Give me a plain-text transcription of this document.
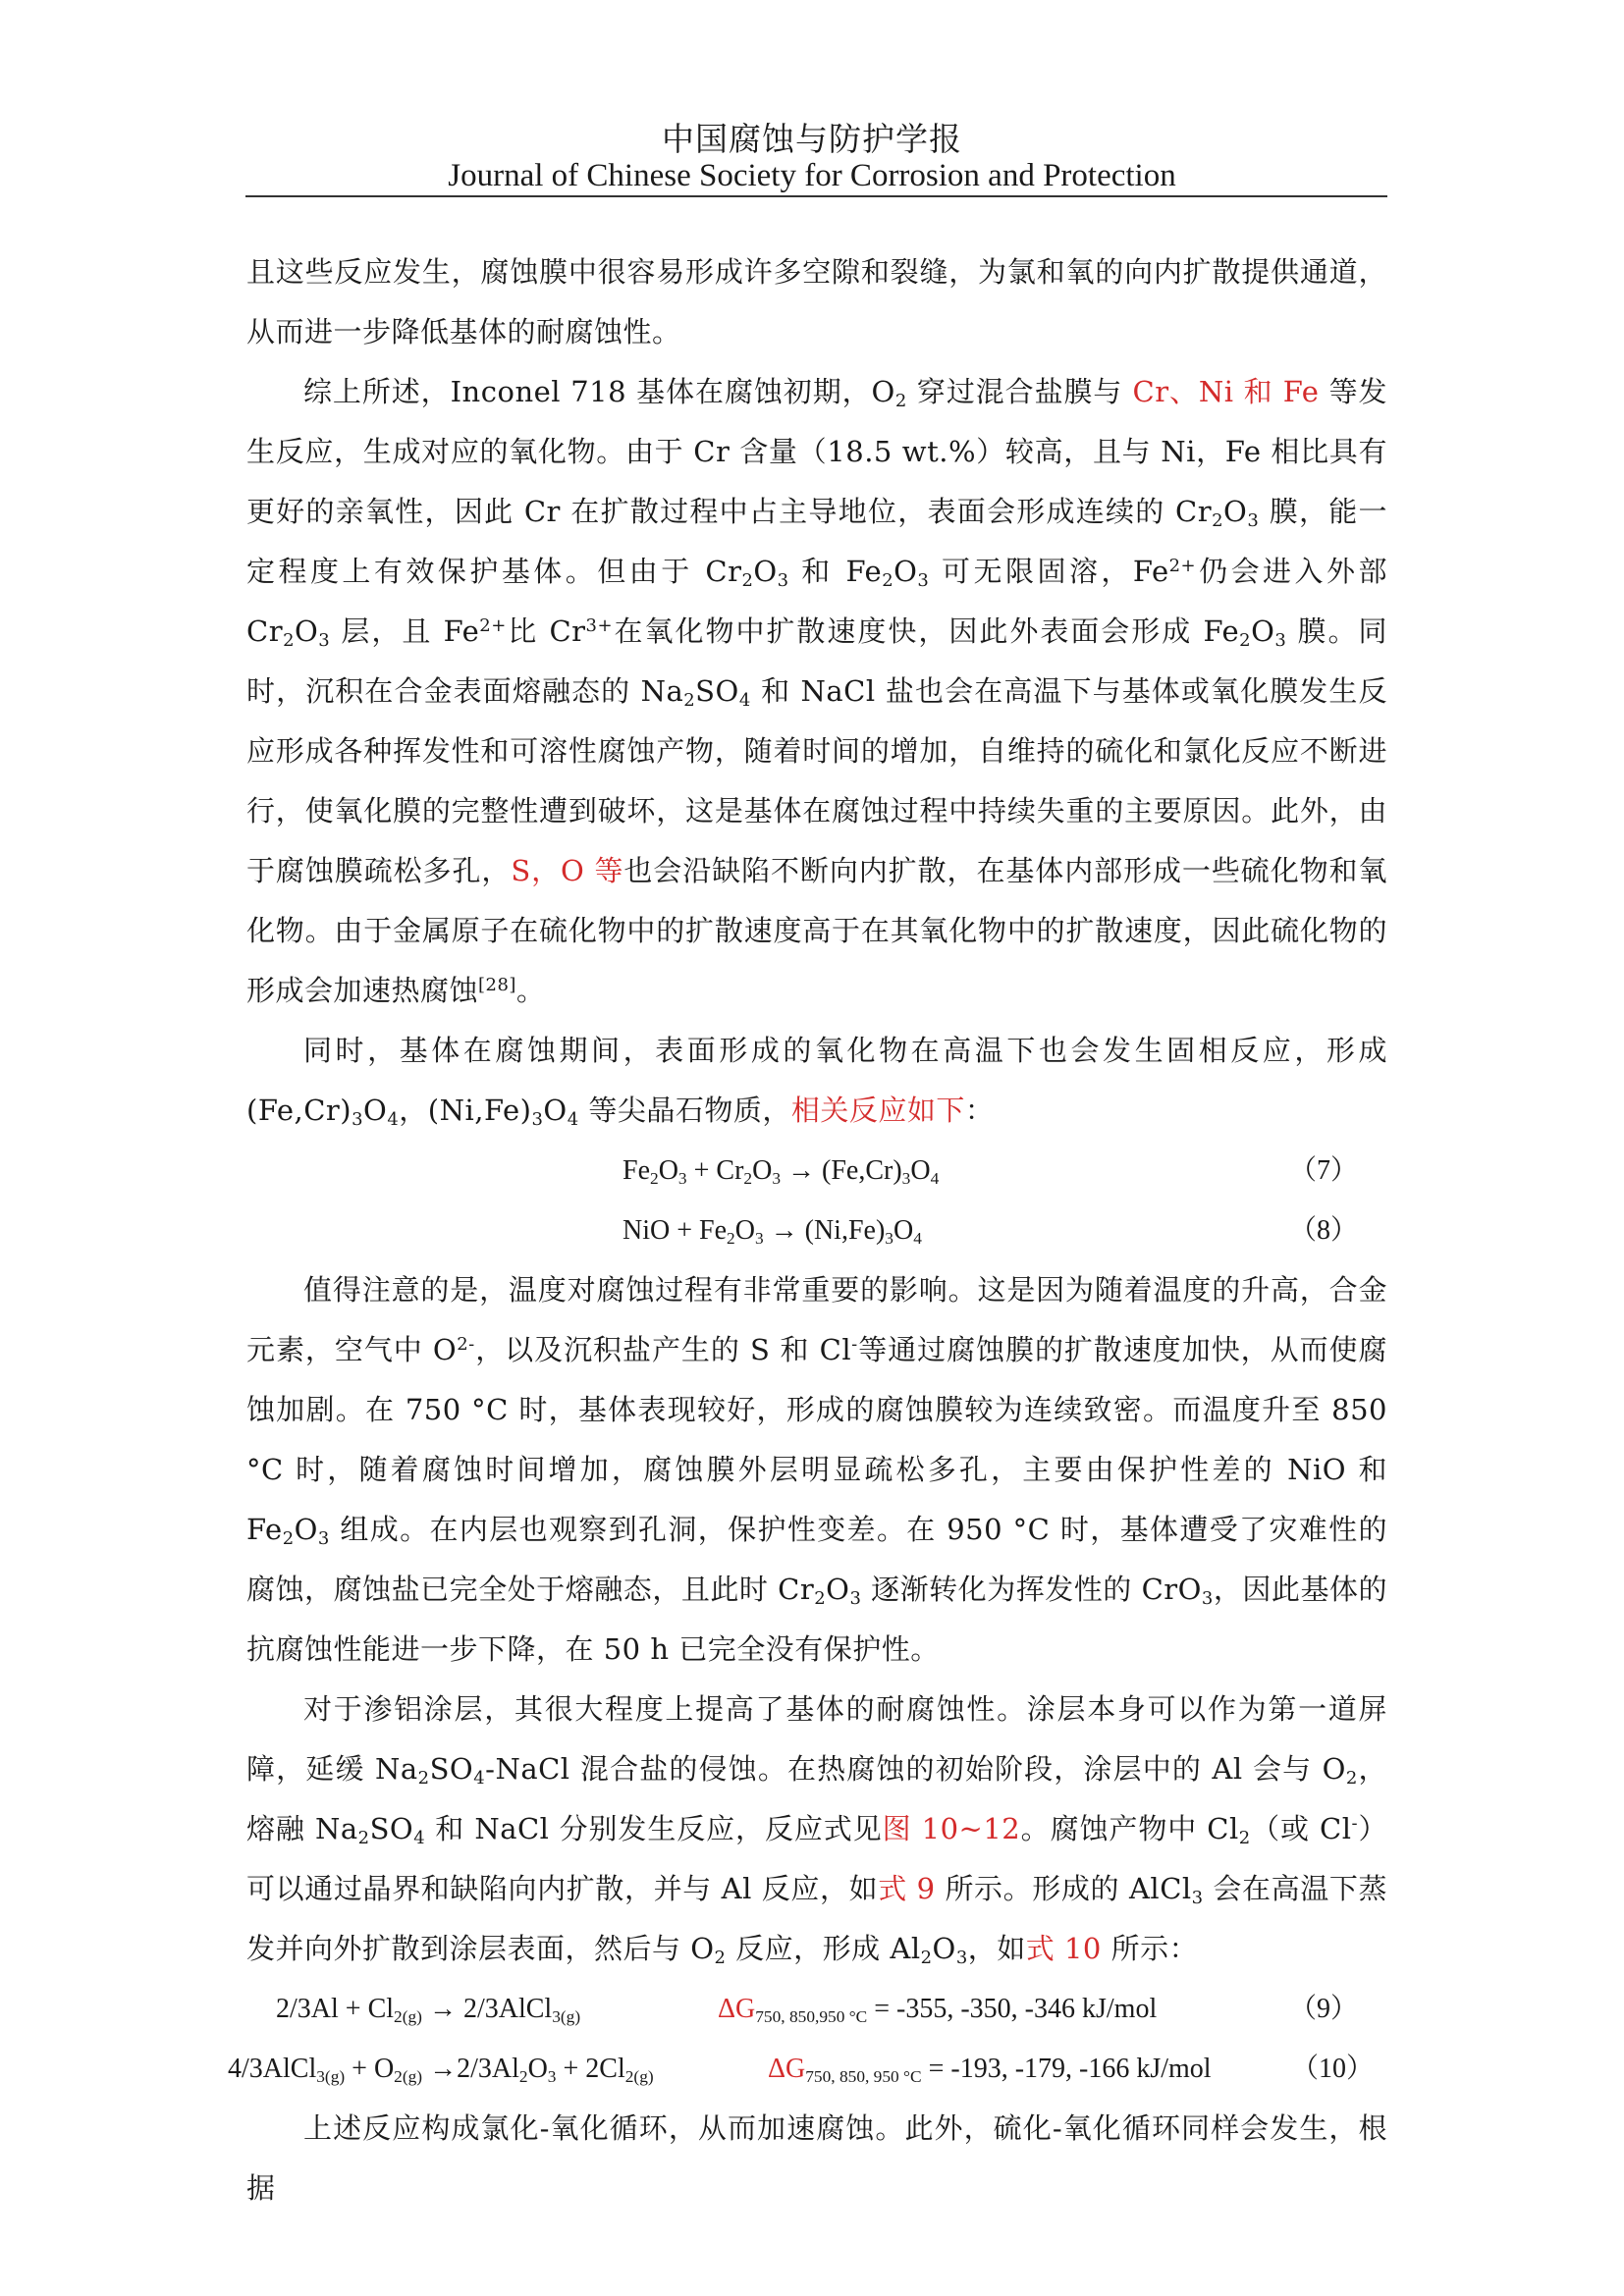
中国腐蚀与防护学报
Journal of Chinese Society for Corrosion and Protection

且这些反应发生，腐蚀膜中很容易形成许多空隙和裂缝，为氯和氧的向内扩散提供通道，从而进一步降低基体的耐腐蚀性。

综上所述，Inconel 718 基体在腐蚀初期，$O_2$ 穿过混合盐膜与 Cr、Ni 和 Fe 等发生反应，生成对应的氧化物。由于 Cr 含量（18.5 wt.%）较高，且与 Ni，Fe 相比具有更好的亲氧性，因此 Cr 在扩散过程中占主导地位，表面会形成连续的 $Cr_2O_3$ 膜，能一定程度上有效保护基体。但由于 $Cr_2O_3$ 和 $Fe_2O_3$ 可无限固溶，$Fe^{2+}$仍会进入外部 $Cr_2O_3$ 层，且 $Fe^{2+}$比 $Cr^{3+}$在氧化物中扩散速度快，因此外表面会形成 $Fe_2O_3$ 膜。同时，沉积在合金表面熔融态的 $Na_2SO_4$ 和 NaCl 盐也会在高温下与基体或氧化膜发生反应形成各种挥发性和可溶性腐蚀产物，随着时间的增加，自维持的硫化和氯化反应不断进行，使氧化膜的完整性遭到破坏，这是基体在腐蚀过程中持续失重的主要原因。此外，由于腐蚀膜疏松多孔，S，O 等也会沿缺陷不断向内扩散，在基体内部形成一些硫化物和氧化物。由于金属原子在硫化物中的扩散速度高于在其氧化物中的扩散速度，因此硫化物的形成会加速热腐蚀[28]。

同时，基体在腐蚀期间，表面形成的氧化物在高温下也会发生固相反应，形成$(Fe,Cr)_3O_4$，$(Ni,Fe)_3O_4$ 等尖晶石物质，相关反应如下：

$Fe_2O_3 + Cr_2O_3 \to (Fe,Cr)_3O_4$	（7）
NiO + $Fe_2O_3 \to (Ni,Fe)_3O_4$	（8）

值得注意的是，温度对腐蚀过程有非常重要的影响。这是因为随着温度的升高，合金元素，空气中 $O^{2-}$，以及沉积盐产生的 S 和 Cl-等通过腐蚀膜的扩散速度加快，从而使腐蚀加剧。在 750 °C 时，基体表现较好，形成的腐蚀膜较为连续致密。而温度升至 850 °C 时，随着腐蚀时间增加，腐蚀膜外层明显疏松多孔，主要由保护性差的 NiO 和 $Fe_2O_3$ 组成。在内层也观察到孔洞，保护性变差。在 950 °C 时，基体遭受了灾难性的腐蚀，腐蚀盐已完全处于熔融态，且此时 $Cr_2O_3$ 逐渐转化为挥发性的 CrO$_3$，因此基体的抗腐蚀性能进一步下降，在 50 h 已完全没有保护性。

对于渗铝涂层，其很大程度上提高了基体的耐腐蚀性。涂层本身可以作为第一道屏障，延缓 $Na_2SO_4$-NaCl 混合盐的侵蚀。在热腐蚀的初始阶段，涂层中的 Al 会与 $O_2$，熔融 $Na_2SO_4$ 和 NaCl 分别发生反应，反应式见图 10~12。腐蚀产物中 $Cl_2$（或 Cl-）可以通过晶界和缺陷向内扩散，并与 Al 反应，如式 9 所示。形成的 AlCl$_3$ 会在高温下蒸发并向外扩散到涂层表面，然后与 $O_2$ 反应，形成 $Al_2O_3$，如式 10 所示：

$2/3Al + Cl_{2(g)}$ → 2/3AlCl$_{3(g)}$	$\Delta G_{750, 850,950 ^\circ C} = -355$, -350, -346 kJ/mol	（9）
4/3AlCl$_{3(g)}$ + $O_{2(g)} \to 2/3Al_2O_3 + 2Cl_{2(g)}$	$\Delta G_{750, 850, 950 ^\circ C} = -193$, -179, -166 kJ/mol	（10）

上述反应构成氯化-氧化循环，从而加速腐蚀。此外，硫化-氧化循环同样会发生，根据
